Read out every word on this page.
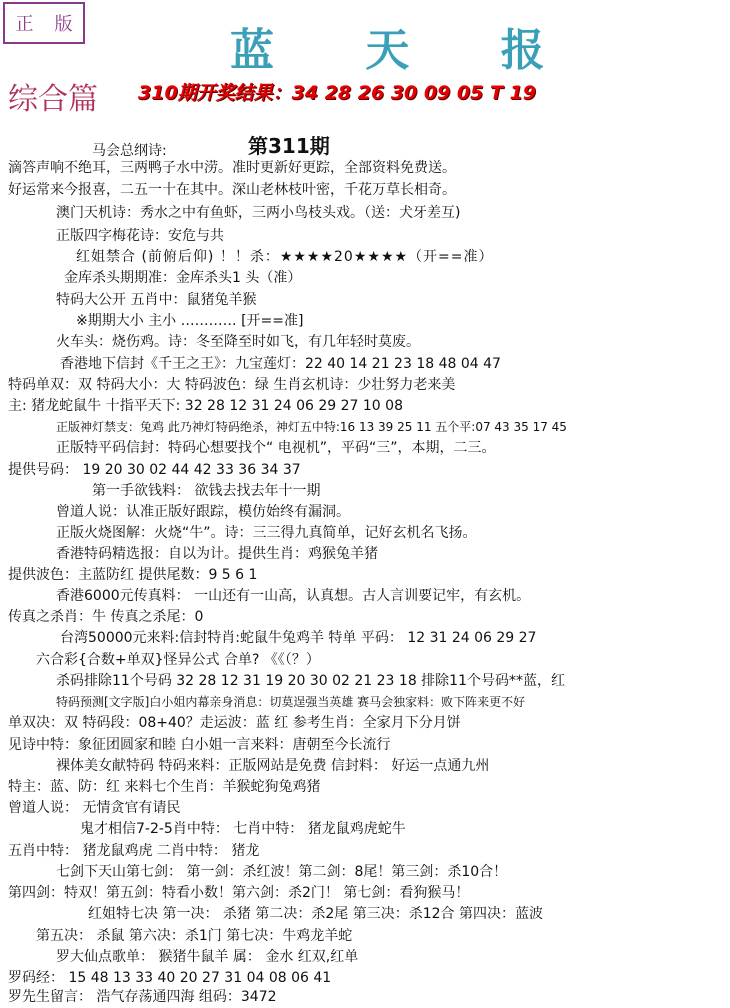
正 版
蓝 天 报
综合篇 310期开奖结果：34 28 26 30 09 05 T 19
第311期
马会总纲诗:
滴答声响不绝耳，三两鸭子水中涝。准时更新好更踪，全部资料免费送。
好运常来今报喜，二五一十在其中。深山老林枝叶密，千花万草长相奇。
澳门天机诗：秀水之中有鱼虾，三两小鸟枝头戏。（送：犬牙差互)
正版四字梅花诗：安危与共
红姐禁合 (前俯后仰) ！！杀：★★★★20★★★★（开==准）
金库杀头期期准：金库杀头1 头（准）
特码大公开 五肖中：鼠猪兔羊猴
※期期大小 主小 ………… [开==准]
火车头：烧伤鸡。诗：冬至降至时如飞，有几年轻时莫废。
香港地下信封《千王之王》：九宝莲灯：22 40 14 21 23 18 48 04 47
特码单双：双 特码大小：大 特码波色：绿 生肖玄机诗：少壮努力老来美
主: 猪龙蛇鼠牛 十指平天下: 32 28 12 31 24 06 29 27 10 08
正版神灯禁支：兔鸡 此乃神灯特码绝杀，神灯五中特:16 13 39 25 11 五个平:07 43 35 17 45
正版特平码信封：特码心想要找个“ 电视机”，平码“三”，本期，二三。
提供号码： 19 20 30 02 44 42 33 36 34 37
第一手欲钱料： 欲钱去找去年十一期
曾道人说：认准正版好跟踪，模仿始终有漏洞。
正版火烧图解：火烧“牛”。诗：三三得九真简单，记好玄机名飞扬。
香港特码精选报：自以为计。提供生肖：鸡猴兔羊猪
提供波色：主蓝防红 提供尾数：9 5 6 1
香港6000元传真料： 一山还有一山高，认真想。古人言训要记牢，有玄机。
传真之杀肖：牛 传真之杀尾：0
台湾50000元来料:信封特肖:蛇鼠牛兔鸡羊 特单 平码： 12 31 24 06 29 27
六合彩{合数+单双}怪异公式 合单? 《《（？）
杀码排除11个号码 32 28 12 31 19 20 30 02 21 23 18 排除11个号码**蓝，红
特码预测[文字版]白小姐内幕亲身消息：切莫逞强当英雄 赛马会独家料：败下阵来更不好
单双决：双 特码段：08+40？走运波：蓝 红 参考生肖：全家月下分月饼
见诗中特：象征团圆家和睦 白小姐一言来料：唐朝至今长流行
裸体美女献特码 特码来料：正版网站是免费 信封料： 好运一点通九州
特主：蓝、防：红 来料七个生肖：羊猴蛇狗兔鸡猪
曾道人说： 无情贪官有请民
鬼才相信7-2-5肖中特： 七肖中特： 猪龙鼠鸡虎蛇牛
五肖中特： 猪龙鼠鸡虎 二肖中特： 猪龙
七剑下天山第七剑： 第一剑：杀红波！第二剑：8尾！第三剑：杀10合！
第四剑：特双！第五剑：特看小数！第六剑：杀2门！ 第七剑：看狗猴马！
红姐特七决 第一决： 杀猪 第二决：杀2尾 第三决：杀12合 第四决：蓝波
第五决： 杀鼠 第六决：杀1门 第七决：牛鸡龙羊蛇
罗大仙点歌单： 猴猪牛鼠羊 属： 金水 红双,红单
罗码经： 15 48 13 33 40 20 27 31 04 08 06 41
罗先生留言： 浩气存荡通四海 组码：3472
